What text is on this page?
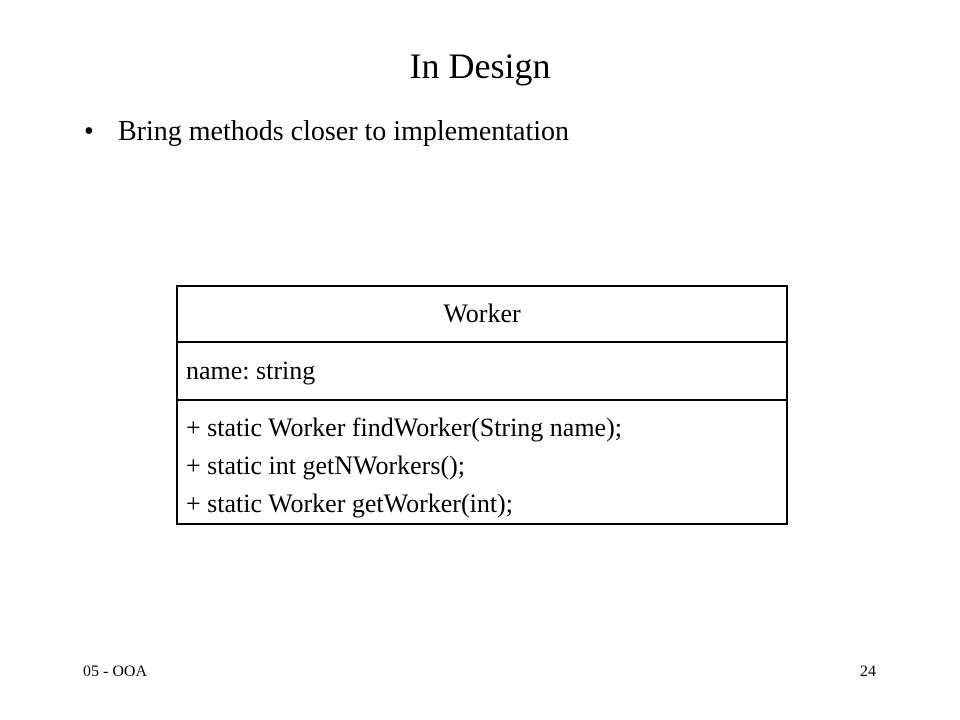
In Design
• Bring methods closer to implementation
Worker
name: string
+ static Worker findWorker(String name);
+ static int getNWorkers();
+ static Worker getWorker(int);
05 - OOA	24
